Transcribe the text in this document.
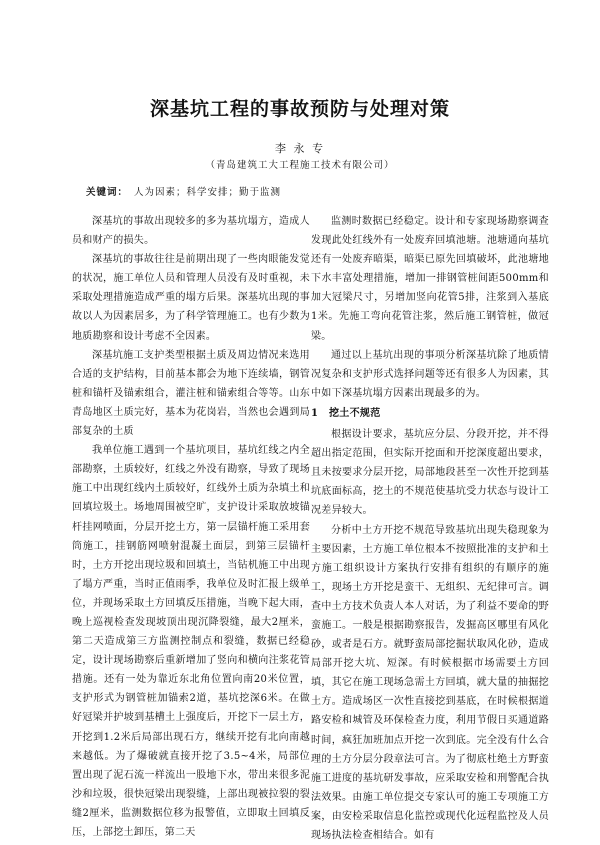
深基坑工程的事故预防与处理对策
李 永 专
（青岛建筑工大工程施工技术有限公司）
关键词： 人为因素；科学安排；勤于监测

深基坑的事故出现较多的多为基坑塌方，造成人员和财产的损失。

深基坑的事故往往是前期出现了一些肉眼能发觉的状况，施工单位人员和管理人员没有及时重视，未采取处理措施造成严重的塌方后果。深基坑出现的事故以人为因素居多，为了科学管理施工。也有少数为地质勘察和设计考虑不全因素。

深基坑施工支护类型根据土质及周边情况来选用合适的支护结构，目前基本都会为地下连续墙，钢管桩和锚杆及锚索组合，灌注桩和锚索组合等等。山东青岛地区土质完好，基本为花岗岩，当然也会遇到局部复杂的土质

我单位施工遇到一个基坑项目，基坑红线之内全部勘察，土质较好，红线之外没有勘察，导致了现场施工中出现红线内土质较好，红线外土质为杂填土和回填垃圾土。场地周围被空旷，支护设计采取放坡锚杆挂网喷面，分层开挖土方，第一层锚杆施工采用套筒施工，挂钢筋网喷射混凝土面层，到第三层锚杆时，土方开挖出现垃圾和回填土，当钻机施工中出现了塌方严重，当时正值雨季，我单位及时汇报上级单位，并现场采取土方回填反压措施，当晚下起大雨，晚上巡视检查发现坡顶出现沉降裂缝，最大2厘米，第二天造成第三方监测控制点和裂缝，数据已经稳定，设计现场勘察后重新增加了竖向和横向注浆花管措施。还有一处为靠近东北角位置向南20米位置，支护形式为钢管桩加锚索2道，基坑挖深6米。在做好冠梁并护坡到基槽土上强度后，开挖下一层土方，开挖到1.2米后局部出现石方，继续开挖有北向南越来越低。为了爆破就直接开挖了3.5~4米，局部位置出现了泥石流一样流出一股地下水，带出来很多泥沙和垃圾，很快冠梁出现裂缝，上部出现被拉裂的裂缝2厘米，监测数据位移为报警值，立即取土回填反压，上部挖土卸压，第二天

监测时数据已经稳定。设计和专家现场勘察调查发现此处红线外有一处废弃回填池塘。池塘通向基坑还有一处废弃暗渠，暗渠已原先回填破坏，此池塘地下水丰富处理措施，增加一排钢管桩间距500mm和加大冠梁尺寸，另增加竖向花管5排，注浆到入基底1米。先施工弯向花管注浆，然后施工钢管桩，做冠梁。

通过以上基坑出现的事项分析深基坑除了地质情况复杂和支护形式选择问题等还有很多人为因素，其中如下深基坑塌方因素出现最多的为。

1 挖土不规范

根据设计要求，基坑应分层、分段开挖，并不得超出指定范围，但实际开挖面和开挖深度超出要求，且未按要求分层开挖，局部地段甚至一次性开挖到基坑底面标高，挖土的不规范使基坑受力状态与设计工况差异较大。

分析中土方开挖不规范导致基坑出现失稳现象为主要因素，土方施工单位根本不按照批准的支护和土方施工组织设计方案执行安排有组织的有顺序的施工，现场土方开挖是蛮干、无组织、无纪律可言。调查中土方技术负责人本人对话，为了利益不要命的野蛮施工。一般是根据勘察报告，发掘高区哪里有风化砂，或者是石方。就野蛮局部挖掘状取风化砂，造成局部开挖大坑、短深。有时候根据市场需要土方回填，其它在施工现场急需土方回填，就大量的抽掘挖土方。造成场区一次性直接挖到基底，在时候根据道路安检和城管及环保检查力度，利用节假日买通道路时间，疯狂加班加点开挖一次到底。完全没有什么合理的土方分层分段章法可言。为了彻底杜绝土方野蛮施工进度的基坑研发事故，应采取安检和刑警配合执法效果。由施工单位提交专家认可的施工专项施工方案，由安检采取信息化监控或现代化远程监控及人员现场执法检查相结合。如有
